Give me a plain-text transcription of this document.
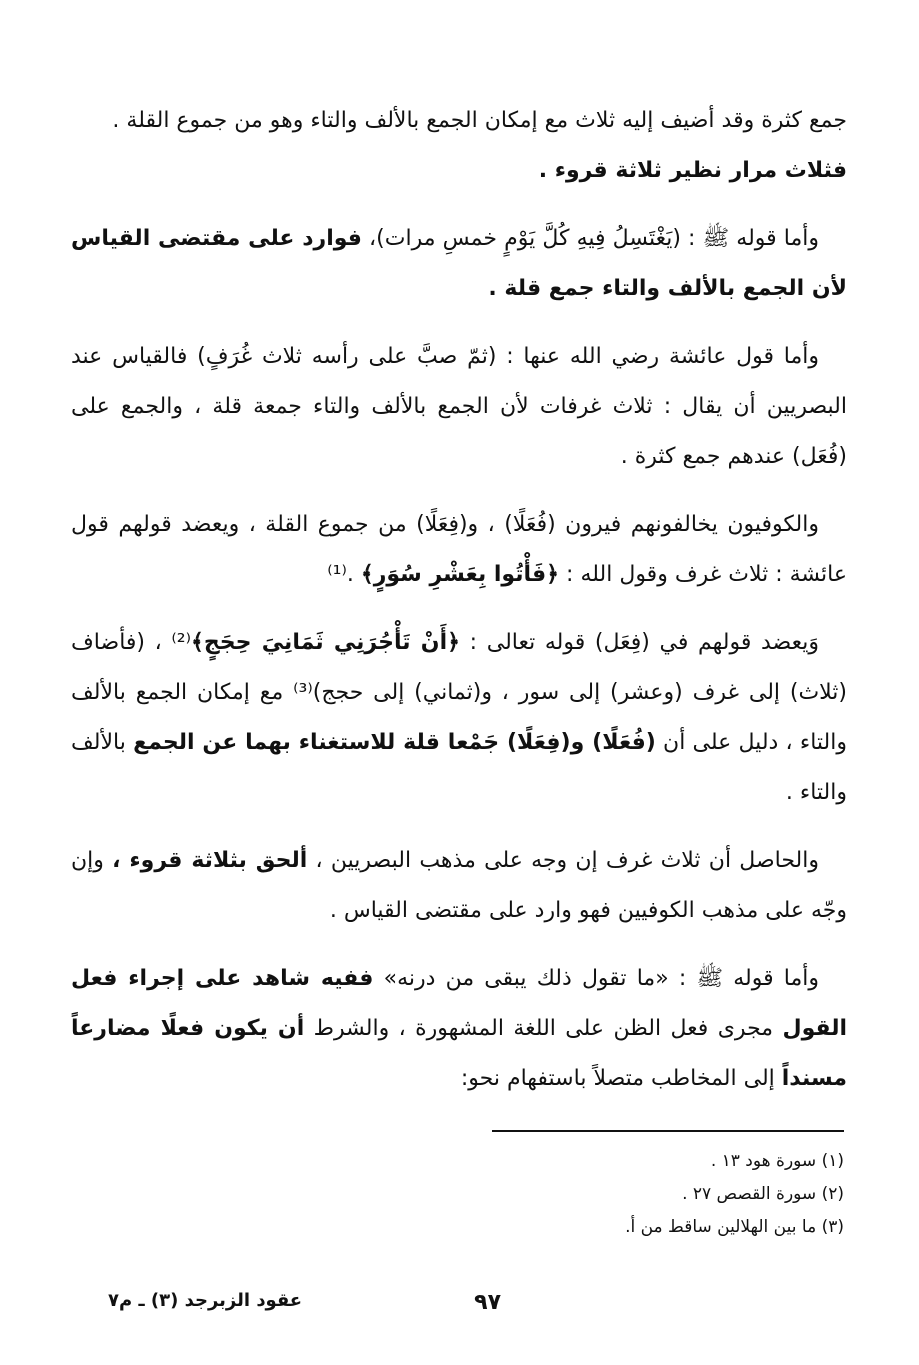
جمع كثرة وقد أضيف إليه ثلاث مع إمكان الجمع بالألف والتاء وهو من جموع القلة .
فثلاث مرار نظير ثلاثة قروء .

وأما قوله ﷺ : (يَغْتَسِلُ فِيهِ كُلَّ يَوْمٍ خمسِ مرات)، فوارد على مقتضى القياس لأن الجمع بالألف والتاء جمع قلة .

وأما قول عائشة رضي الله عنها : (ثمّ صبَّ على رأسه ثلاث غُرَفٍ) فالقياس عند البصريين أن يقال : ثلاث غرفات لأن الجمع بالألف والتاء جمعة قلة ، والجمع على (فُعَل) عندهم جمع كثرة .

والكوفيون يخالفونهم فيرون (فُعَلًا) ، و(فِعَلًا) من جموع القلة ، ويعضد قولهم قول عائشة : ثلاث غرف وقول الله : ﴿فَأْتُوا بِعَشْرِ سُوَرٍ﴾ .⁽¹⁾

وَيعضد قولهم في (فِعَل) قوله تعالى : ﴿أَنْ تَأْجُرَنِي ثَمَانِيَ حِجَجٍ﴾⁽²⁾ ، (فأضاف (ثلاث) إلى غرف (وعشر) إلى سور ، و(ثماني) إلى حجج)⁽³⁾ مع إمكان الجمع بالألف والتاء ، دليل على أن (فُعَلًا) و(فِعَلًا) جَمْعا قلة للاستغناء بهما عن الجمع بالألف والتاء .

والحاصل أن ثلاث غرف إن وجه على مذهب البصريين ، ألحق بثلاثة قروء ، وإن وجّه على مذهب الكوفيين فهو وارد على مقتضى القياس .

وأما قوله ﷺ : «ما تقول ذلك يبقى من درنه» ففيه شاهد على إجراء فعل القول مجرى فعل الظن على اللغة المشهورة ، والشرط أن يكون فعلًا مضارعاً مسنداً إلى المخاطب متصلاً باستفهام نحو:

(١) سورة هود ١٣ .

(٢) سورة القصص ٢٧ .

(٣) ما بين الهلالين ساقط من أ.

٩٧
عقود الزبرجد (٣) ـ م٧
